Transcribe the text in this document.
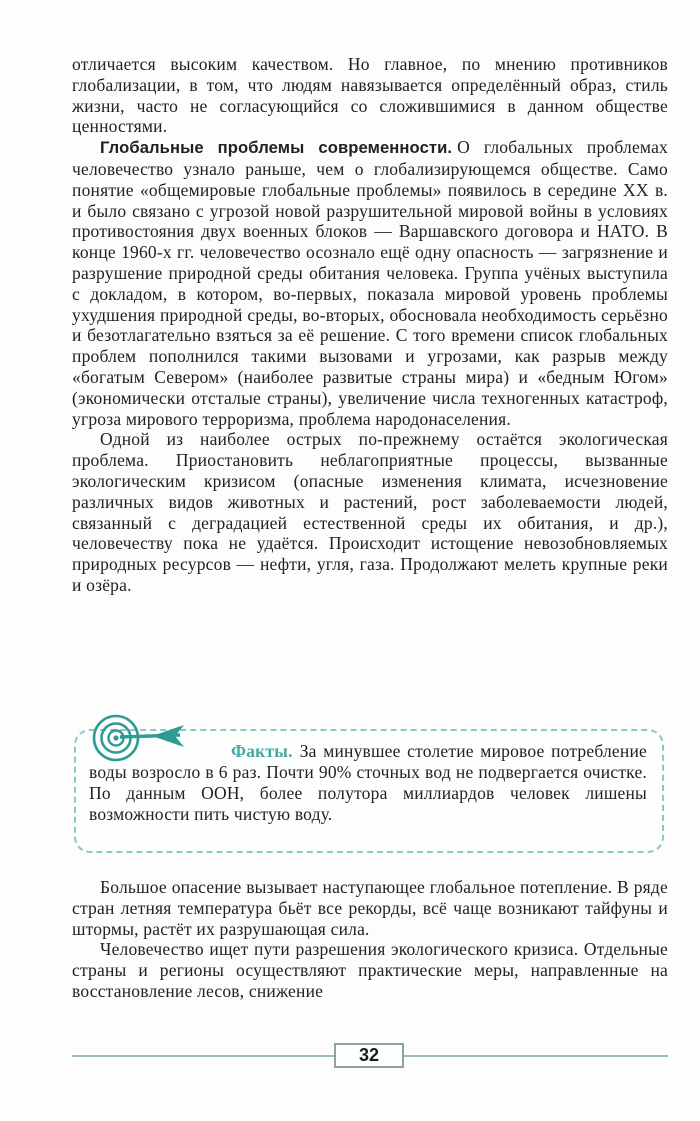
отличается высоким качеством. Но главное, по мнению противников глобализации, в том, что людям навязывается определённый образ, стиль жизни, часто не согласующийся со сложившимися в данном обществе ценностями.

Глобальные проблемы современности. О глобальных проблемах человечество узнало раньше, чем о глобализирующемся обществе. Само понятие «общемировые глобальные проблемы» появилось в середине XX в. и было связано с угрозой новой разрушительной мировой войны в условиях противостояния двух военных блоков — Варшавского договора и НАТО. В конце 1960-х гг. человечество осознало ещё одну опасность — загрязнение и разрушение природной среды обитания человека. Группа учёных выступила с докладом, в котором, во-первых, показала мировой уровень проблемы ухудшения природной среды, во-вторых, обосновала необходимость серьёзно и безотлагательно взяться за её решение. С того времени список глобальных проблем пополнился такими вызовами и угрозами, как разрыв между «богатым Севером» (наиболее развитые страны мира) и «бедным Югом» (экономически отсталые страны), увеличение числа техногенных катастроф, угроза мирового терроризма, проблема народонаселения.

Одной из наиболее острых по-прежнему остаётся экологическая проблема. Приостановить неблагоприятные процессы, вызванные экологическим кризисом (опасные изменения климата, исчезновение различных видов животных и растений, рост заболеваемости людей, связанный с деградацией естественной среды их обитания, и др.), человечеству пока не удаётся. Происходит истощение невозобновляемых природных ресурсов — нефти, угля, газа. Продолжают мелеть крупные реки и озёра.

Факты. За минувшее столетие мировое потребление воды возросло в 6 раз. Почти 90% сточных вод не подвергается очистке. По данным ООН, более полутора миллиардов человек лишены возможности пить чистую воду.

Большое опасение вызывает наступающее глобальное потепление. В ряде стран летняя температура бьёт все рекорды, всё чаще возникают тайфуны и штормы, растёт их разрушающая сила.

Человечество ищет пути разрешения экологического кризиса. Отдельные страны и регионы осуществляют практические меры, направленные на восстановление лесов, снижение

32
